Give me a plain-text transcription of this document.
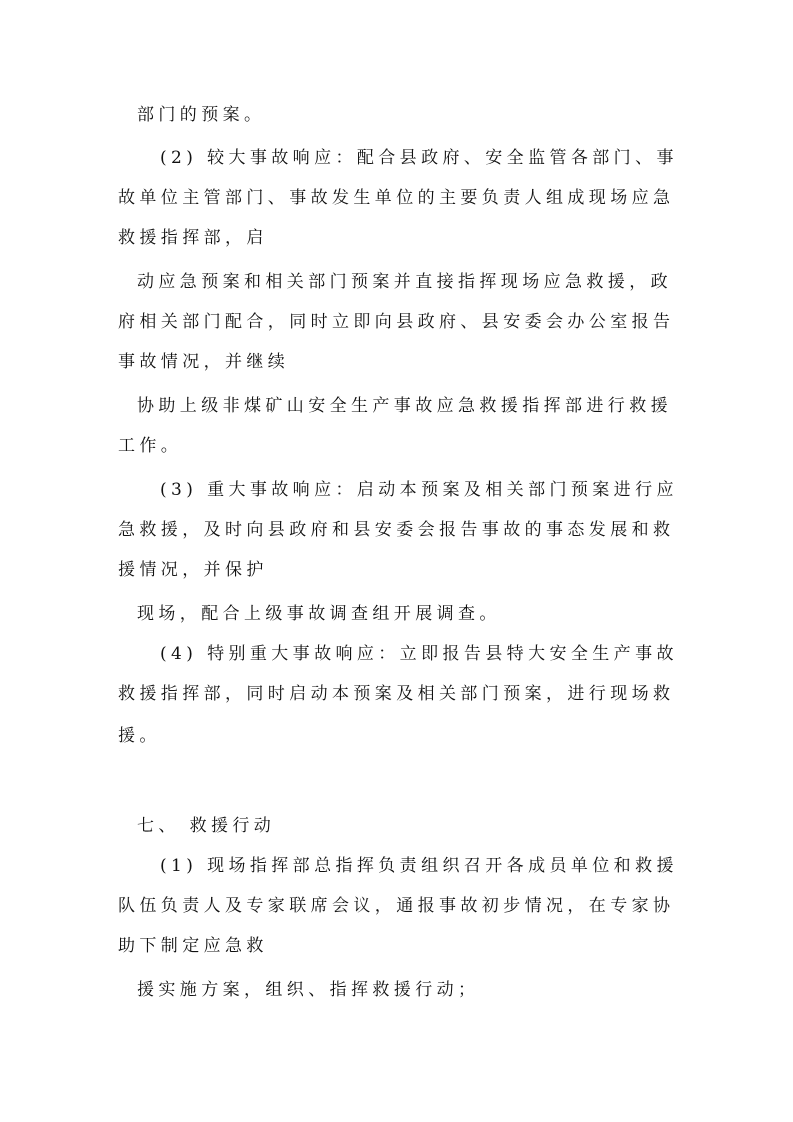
部门的预案。
(2) 较大事故响应：配合县政府、安全监管各部门、事
故单位主管部门、事故发生单位的主要负责人组成现场应急
救援指挥部，启
动应急预案和相关部门预案并直接指挥现场应急救援，政
府相关部门配合，同时立即向县政府、县安委会办公室报告
事故情况，并继续
协助上级非煤矿山安全生产事故应急救援指挥部进行救援
工作。
(3) 重大事故响应：启动本预案及相关部门预案进行应
急救援，及时向县政府和县安委会报告事故的事态发展和救
援情况，并保护
现场，配合上级事故调查组开展调查。
(4) 特别重大事故响应：立即报告县特大安全生产事故
救援指挥部，同时启动本预案及相关部门预案，进行现场救
援。
七、 救援行动
(1) 现场指挥部总指挥负责组织召开各成员单位和救援
队伍负责人及专家联席会议，通报事故初步情况，在专家协
助下制定应急救
援实施方案，组织、指挥救援行动；
